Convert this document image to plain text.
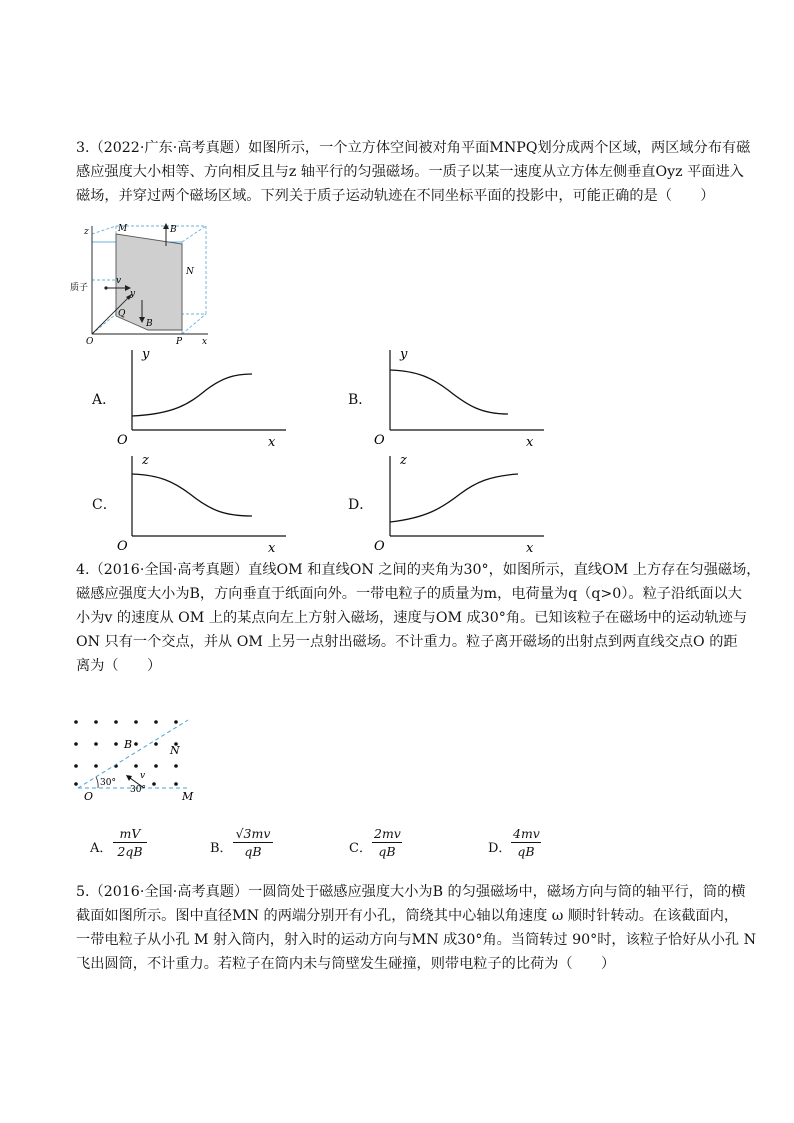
3.（2022·广东·高考真题）如图所示，一个立方体空间被对角平面MNPQ划分成两个区域，两区域分布有磁
感应强度大小相等、方向相反且与z 轴平行的匀强磁场。一质子以某一速度从立方体左侧垂直Oyz 平面进入
磁场，并穿过两个磁场区域。下列关于质子运动轨迹在不同坐标平面的投影中，可能正确的是（　　）
z	M	B
N
质子
v
y
Q
B
O	P x
A．
y
O	x
B．
y
O	x
C．
z
O	x
D．
z
O	x
4.（2016·全国·高考真题）直线OM 和直线ON 之间的夹角为30°，如图所示，直线OM 上方存在匀强磁场，
磁感应强度大小为B，方向垂直于纸面向外。一带电粒子的质量为m，电荷量为q（q>0）。粒子沿纸面以大
小为v 的速度从 OM 上的某点向左上方射入磁场，速度与OM 成30°角。已知该粒子在磁场中的运动轨迹与
ON 只有一个交点，并从 OM 上另一点射出磁场。不计重力。粒子离开磁场的出射点到两直线交点O 的距
离为（　　）
B	N
30°
v
30°
O	M
A． $\frac{mV}{2qB}$	B． $\frac{√3mv}{qB}$	C． $\frac{2mv}{qB}$	D． $\frac{4mv}{qB}$
5.（2016·全国·高考真题）一圆筒处于磁感应强度大小为B 的匀强磁场中，磁场方向与筒的轴平行，筒的横
截面如图所示。图中直径MN 的两端分别开有小孔，筒绕其中心轴以角速度 ω 顺时针转动。在该截面内，
一带电粒子从小孔 M 射入筒内，射入时的运动方向与MN 成30°角。当筒转过 90°时，该粒子恰好从小孔 N
飞出圆筒，不计重力。若粒子在筒内未与筒壁发生碰撞，则带电粒子的比荷为（　　）
